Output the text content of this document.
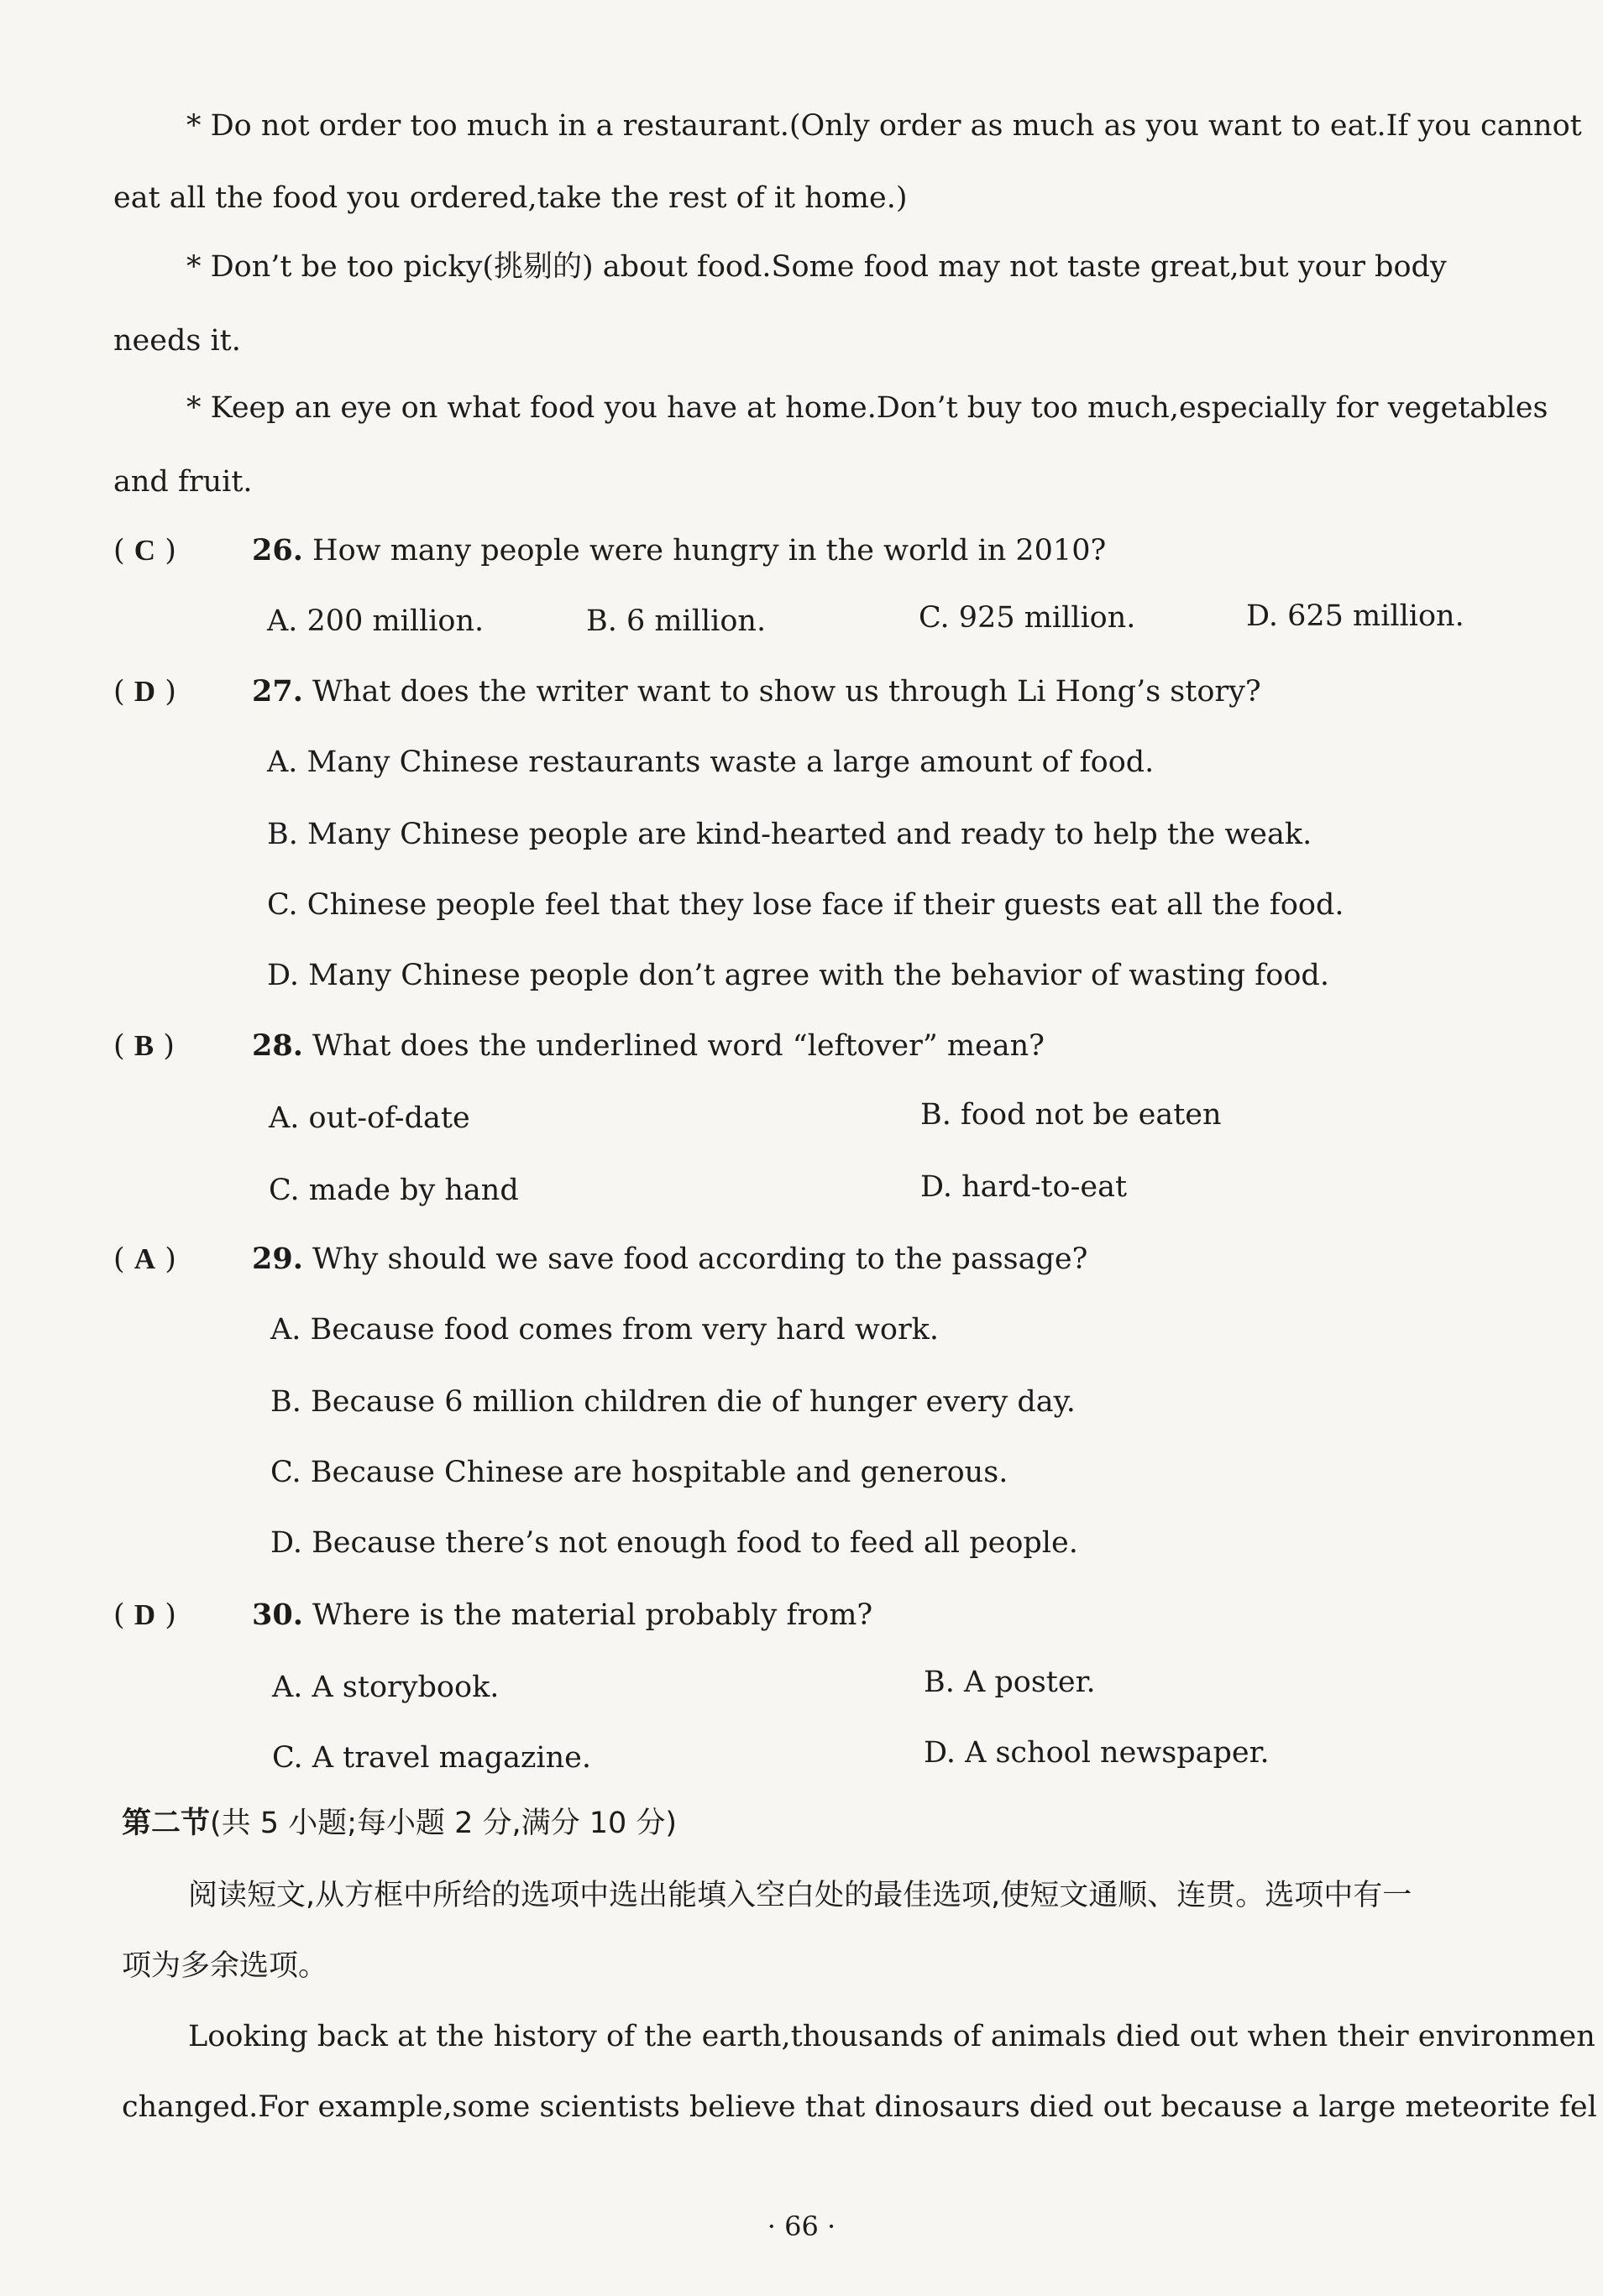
* Do not order too much in a restaurant.(Only order as much as you want to eat.If you cannot
eat all the food you ordered,take the rest of it home.)
* Don’t be too picky(挑剔的) about food.Some food may not taste great,but your body
needs it.
* Keep an eye on what food you have at home.Don’t buy too much,especially for vegetables
and fruit.
( C )	26. How many people were hungry in the world in 2010?
A. 200 million.	B. 6 million.	C. 925 million.	D. 625 million.
( D )	27. What does the writer want to show us through Li Hong’s story?
A. Many Chinese restaurants waste a large amount of food.
B. Many Chinese people are kind-hearted and ready to help the weak.
C. Chinese people feel that they lose face if their guests eat all the food.
D. Many Chinese people don’t agree with the behavior of wasting food.
( B )	28. What does the underlined word “leftover” mean?
A. out-of-date	B. food not be eaten
C. made by hand	D. hard-to-eat
( A )	29. Why should we save food according to the passage?
A. Because food comes from very hard work.
B. Because 6 million children die of hunger every day.
C. Because Chinese are hospitable and generous.
D. Because there’s not enough food to feed all people.
( D )	30. Where is the material probably from?
A. A storybook.	B. A poster.
C. A travel magazine.	D. A school newspaper.
第二节(共 5 小题;每小题 2 分,满分 10 分)
阅读短文,从方框中所给的选项中选出能填入空白处的最佳选项,使短文通顺、连贯。选项中有一
项为多余选项。
Looking back at the history of the earth,thousands of animals died out when their environmen
changed.For example,some scientists believe that dinosaurs died out because a large meteorite fel
· 66 ·
